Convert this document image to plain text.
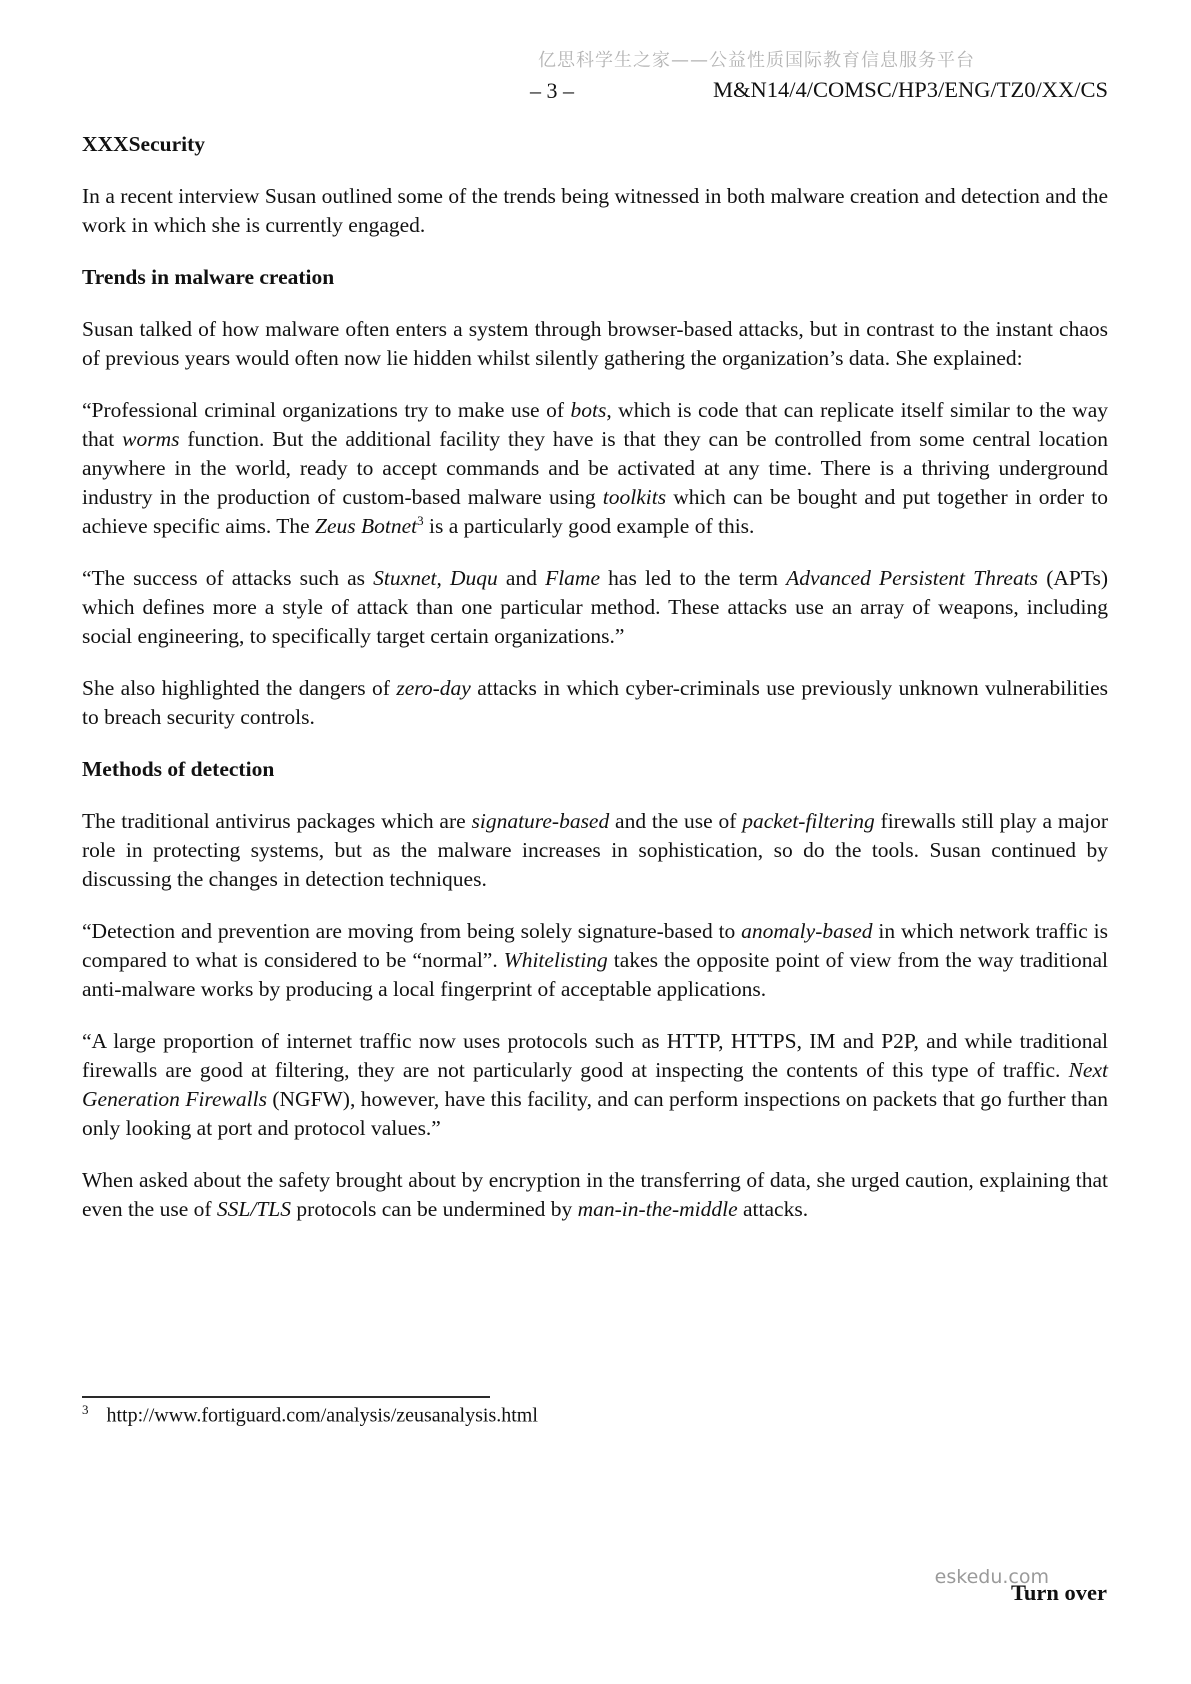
亿思科学生之家——公益性质国际教育信息服务平台
– 3 –	M&N14/4/COMSC/HP3/ENG/TZ0/XX/CS
XXXSecurity

In a recent interview Susan outlined some of the trends being witnessed in both malware creation and detection and the work in which she is currently engaged.

Trends in malware creation

Susan talked of how malware often enters a system through browser-based attacks, but in contrast to the instant chaos of previous years would often now lie hidden whilst silently gathering the organization’s data. She explained:

“Professional criminal organizations try to make use of bots, which is code that can replicate itself similar to the way that worms function. But the additional facility they have is that they can be controlled from some central location anywhere in the world, ready to accept commands and be activated at any time. There is a thriving underground industry in the production of custom-based malware using toolkits which can be bought and put together in order to achieve specific aims. The Zeus Botnet$^3$ is a particularly good example of this.

“The success of attacks such as Stuxnet, Duqu and Flame has led to the term Advanced Persistent Threats (APTs) which defines more a style of attack than one particular method. These attacks use an array of weapons, including social engineering, to specifically target certain organizations.”

She also highlighted the dangers of zero-day attacks in which cyber-criminals use previously unknown vulnerabilities to breach security controls.

Methods of detection

The traditional antivirus packages which are signature-based and the use of packet-filtering firewalls still play a major role in protecting systems, but as the malware increases in sophistication, so do the tools. Susan continued by discussing the changes in detection techniques.

“Detection and prevention are moving from being solely signature-based to anomaly-based in which network traffic is compared to what is considered to be “normal”. Whitelisting takes the opposite point of view from the way traditional anti-malware works by producing a local fingerprint of acceptable applications.

“A large proportion of internet traffic now uses protocols such as HTTP, HTTPS, IM and P2P, and while traditional firewalls are good at filtering, they are not particularly good at inspecting the contents of this type of traffic. Next Generation Firewalls (NGFW), however, have this facility, and can perform inspections on packets that go further than only looking at port and protocol values.”

When asked about the safety brought about by encryption in the transferring of data, she urged caution, explaining that even the use of SSL/TLS protocols can be undermined by man-in-the-middle attacks.

$^3$ http://www.fortiguard.com/analysis/zeusanalysis.html
eskedu.com
Turn over
